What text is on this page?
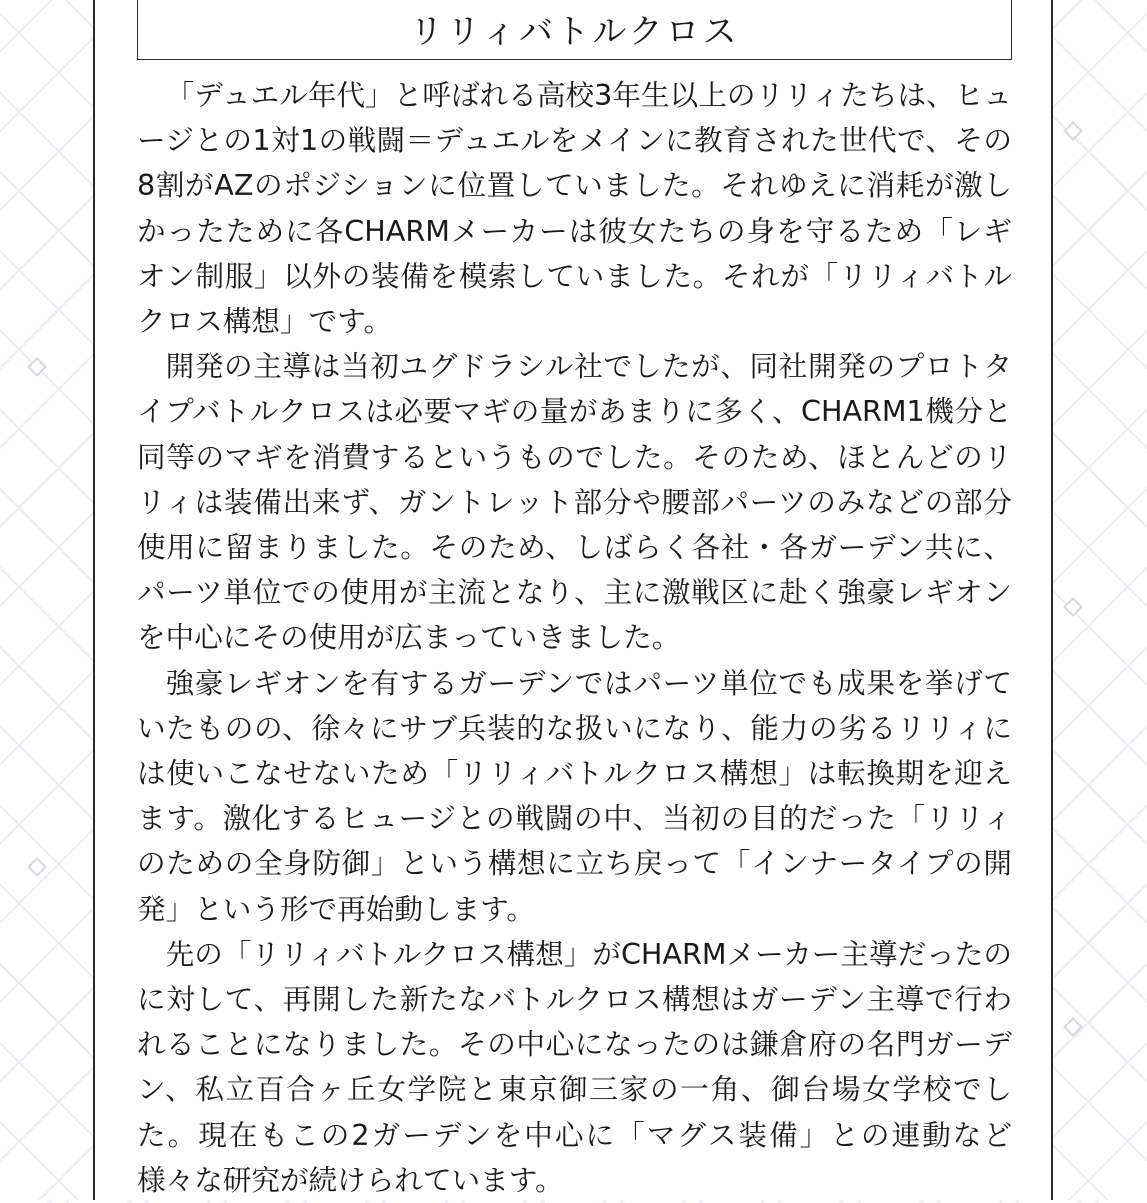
リリィバトルクロス

「デュエル年代」と呼ばれる高校3年生以上のリリィたちは、ヒュージとの1対1の戦闘＝デュエルをメインに教育された世代で、その8割がAZのポジションに位置していました。それゆえに消耗が激しかったために各CHARMメーカーは彼女たちの身を守るため「レギオン制服」以外の装備を模索していました。それが「リリィバトルクロス構想」です。

開発の主導は当初ユグドラシル社でしたが、同社開発のプロトタイプバトルクロスは必要マギの量があまりに多く、CHARM1機分と同等のマギを消費するというものでした。そのため、ほとんどのリリィは装備出来ず、ガントレット部分や腰部パーツのみなどの部分使用に留まりました。そのため、しばらく各社・各ガーデン共に、パーツ単位での使用が主流となり、主に激戦区に赴く強豪レギオンを中心にその使用が広まっていきました。

強豪レギオンを有するガーデンではパーツ単位でも成果を挙げていたものの、徐々にサブ兵装的な扱いになり、能力の劣るリリィには使いこなせないため「リリィバトルクロス構想」は転換期を迎えます。激化するヒュージとの戦闘の中、当初の目的だった「リリィのための全身防御」という構想に立ち戻って「インナータイプの開発」という形で再始動します。

先の「リリィバトルクロス構想」がCHARMメーカー主導だったのに対して、再開した新たなバトルクロス構想はガーデン主導で行われることになりました。その中心になったのは鎌倉府の名門ガーデン、私立百合ヶ丘女学院と東京御三家の一角、御台場女学校でした。現在もこの2ガーデンを中心に「マグス装備」との連動など様々な研究が続けられています。
